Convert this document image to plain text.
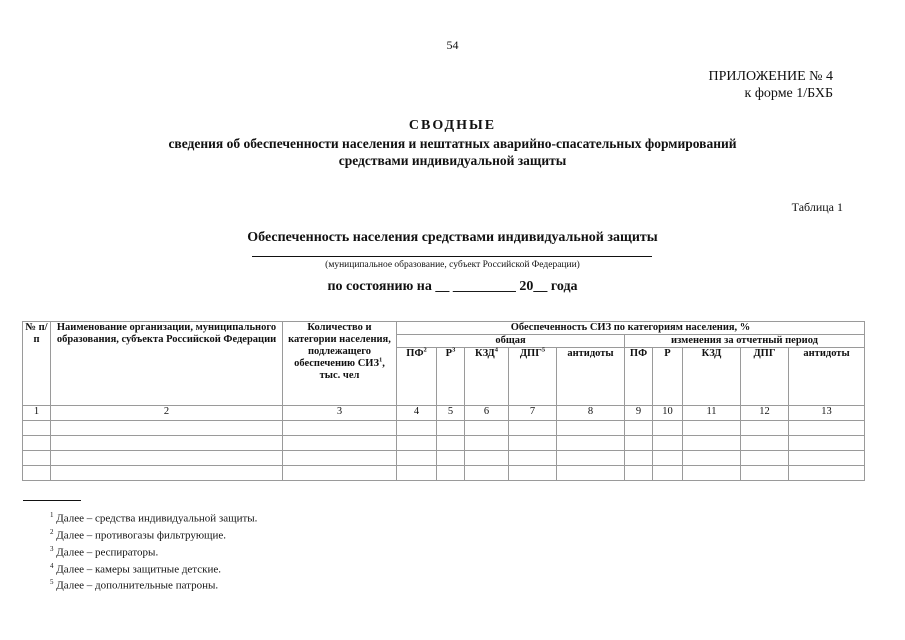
54
ПРИЛОЖЕНИЕ № 4
к форме 1/БХБ
СВОДНЫЕ
сведения об обеспеченности населения и нештатных аварийно-спасательных формирований
средствами индивидуальной защиты
Таблица 1
Обеспеченность населения средствами индивидуальной защиты
(муниципальное образование, субъект Российской Федерации)
по состоянию на __ _________ 20__ года
№ п/п	Наименование организации, муниципального образования, субъекта Российской Федерации	Количество и категории населения, подлежащего обеспечению СИЗ$^1$, тыс. чел	Обеспеченность СИЗ по категориям населения, %									
			общая					изменения за отчетный период				
			$ПФ^2$	$Р^3$	КЗД$^4$	ДПГ$^5$	антидоты	ПФ	Р	КЗД	ДПГ	антидоты
1	2	3	4	5	6	7	8	9	10	11	12	13

$^1$ Далее – средства индивидуальной защиты.
$^2$ Далее – противогазы фильтрующие.
$^3$ Далее – респираторы.
$^4$ Далее – камеры защитные детские.
$^5$ Далее – дополнительные патроны.
